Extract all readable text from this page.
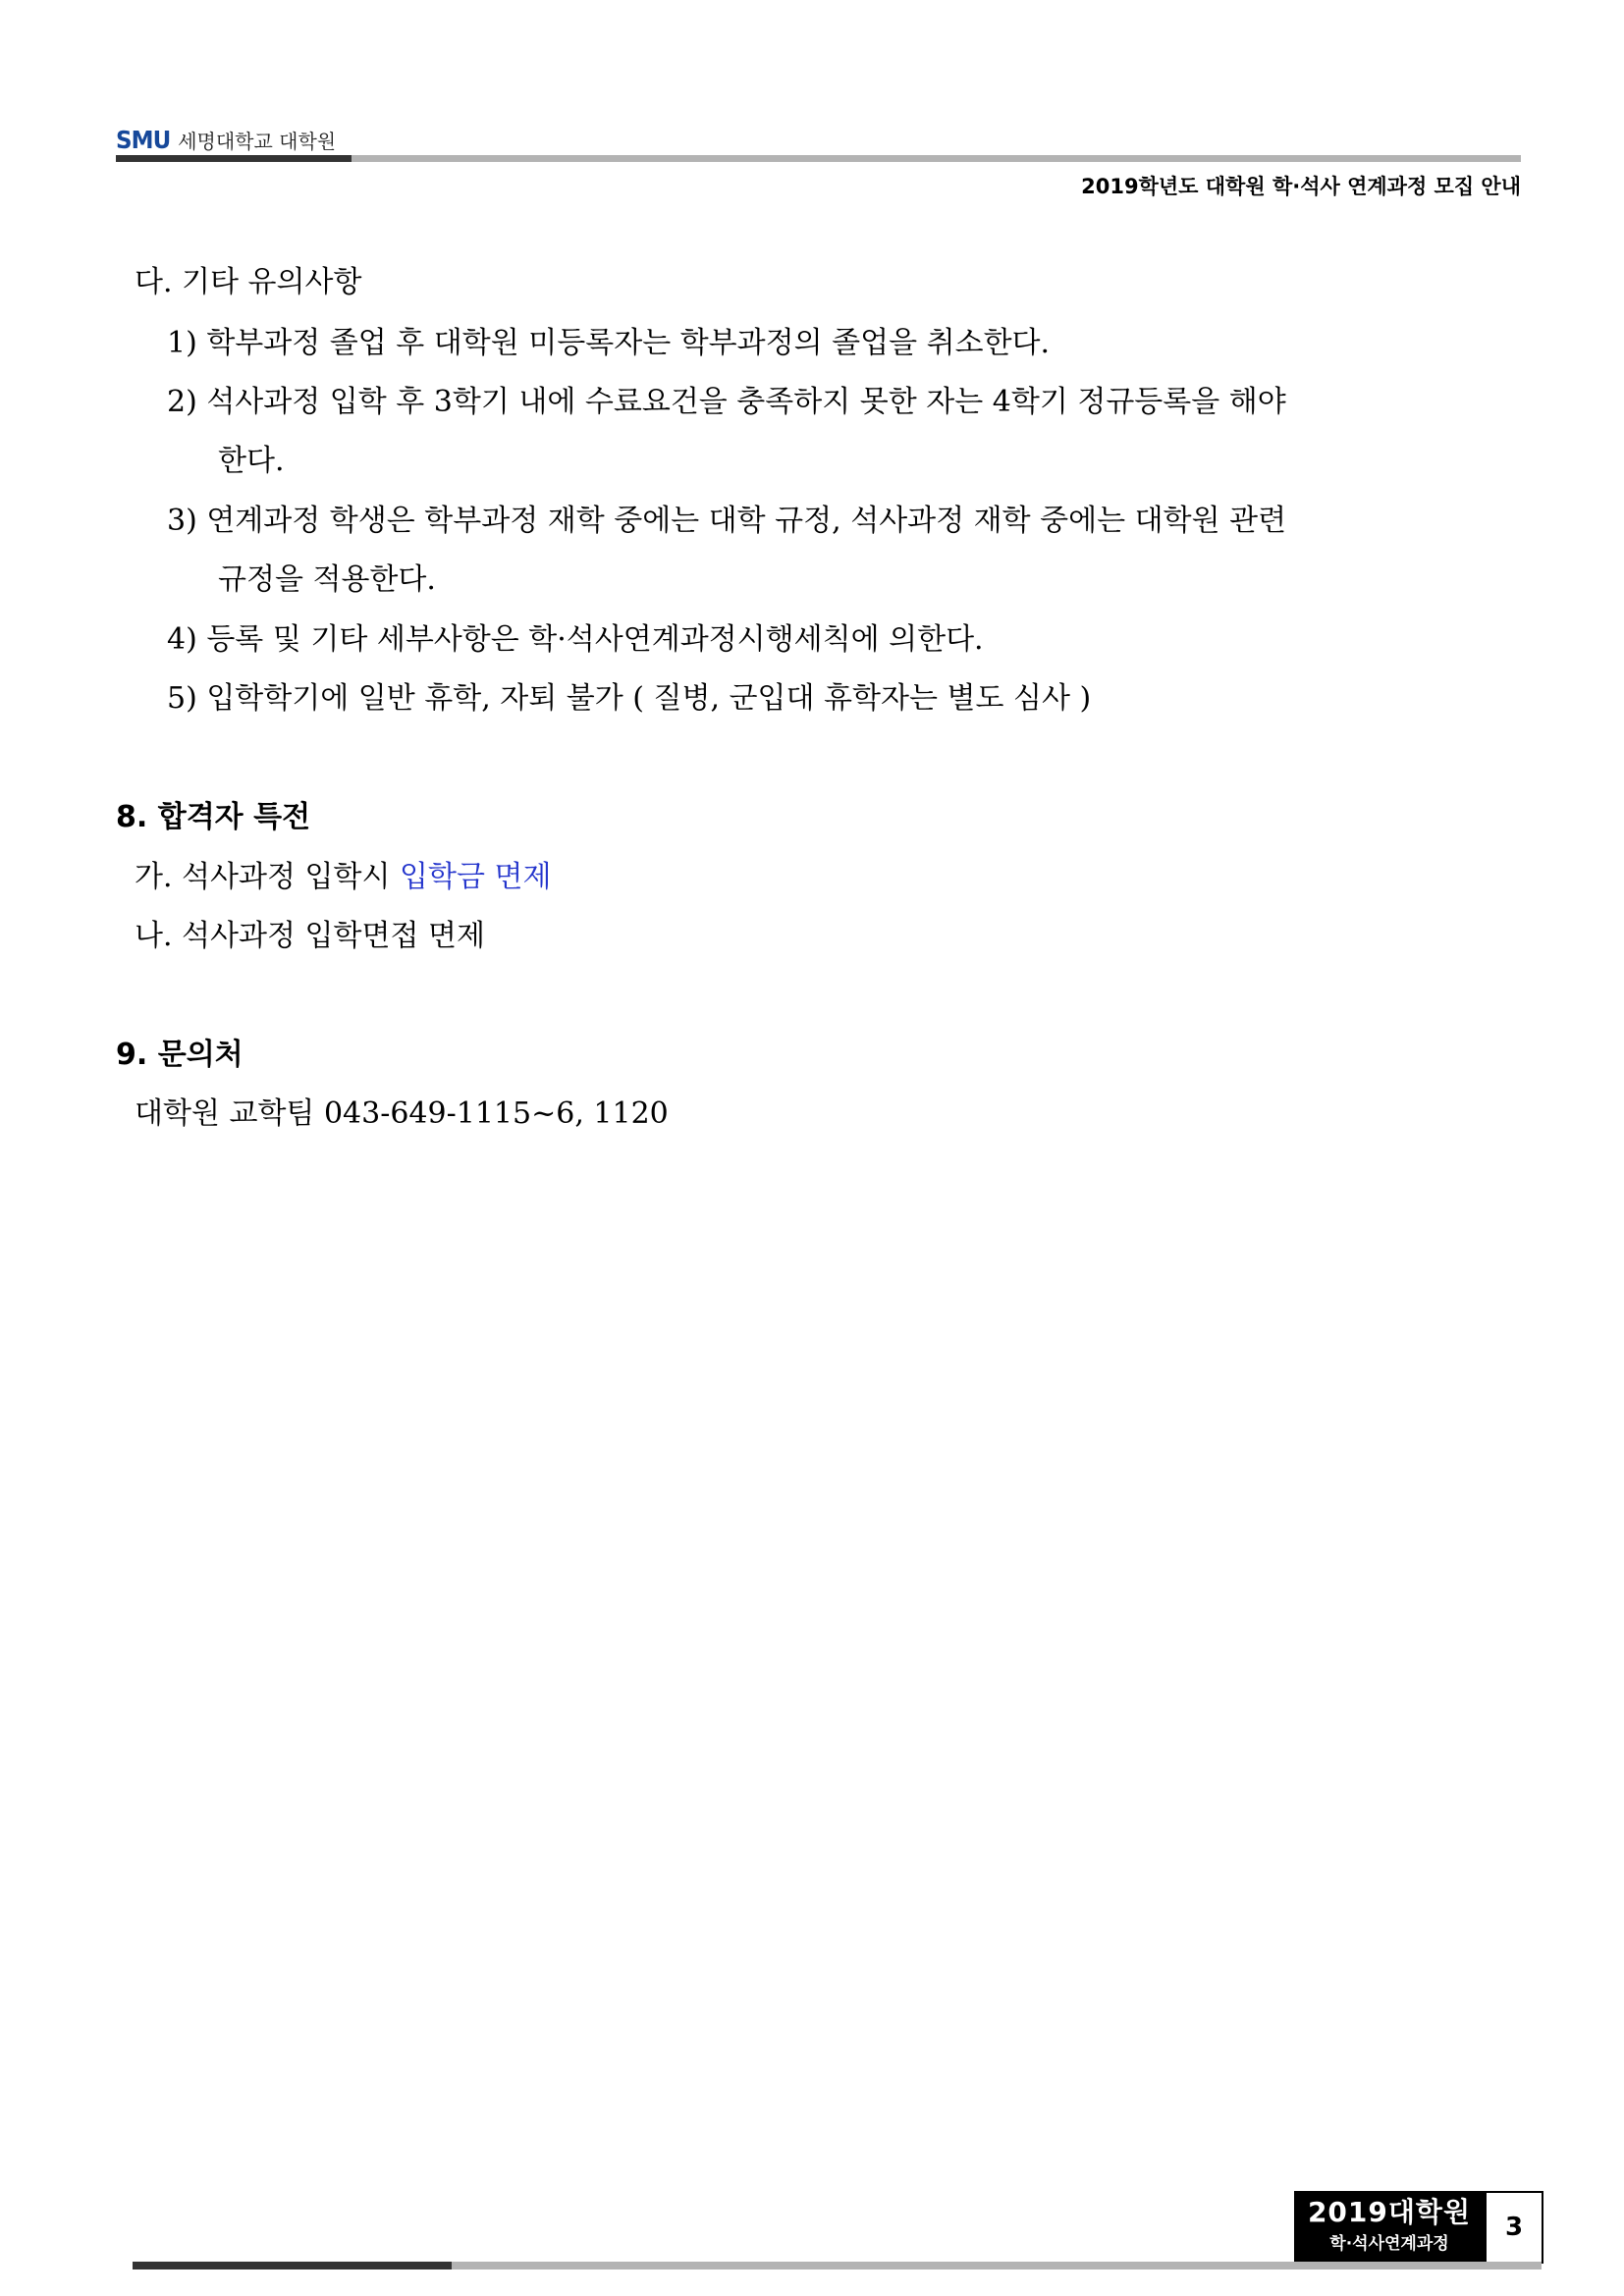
SMU 세명대학교 대학원
2019학년도 대학원 학·석사 연계과정 모집 안내
다. 기타 유의사항
1) 학부과정 졸업 후 대학원 미등록자는 학부과정의 졸업을 취소한다.
2) 석사과정 입학 후 3학기 내에 수료요건을 충족하지 못한 자는 4학기 정규등록을 해야
한다.
3) 연계과정 학생은 학부과정 재학 중에는 대학 규정, 석사과정 재학 중에는 대학원 관련
규정을 적용한다.
4) 등록 및 기타 세부사항은 학·석사연계과정시행세칙에 의한다.
5) 입학학기에 일반 휴학, 자퇴 불가 ( 질병, 군입대 휴학자는 별도 심사 )
8. 합격자 특전
가. 석사과정 입학시 입학금 면제
나. 석사과정 입학면접 면제
9. 문의처
대학원 교학팀 043-649-1115~6, 1120
2019대학원
학·석사연계과정
3
